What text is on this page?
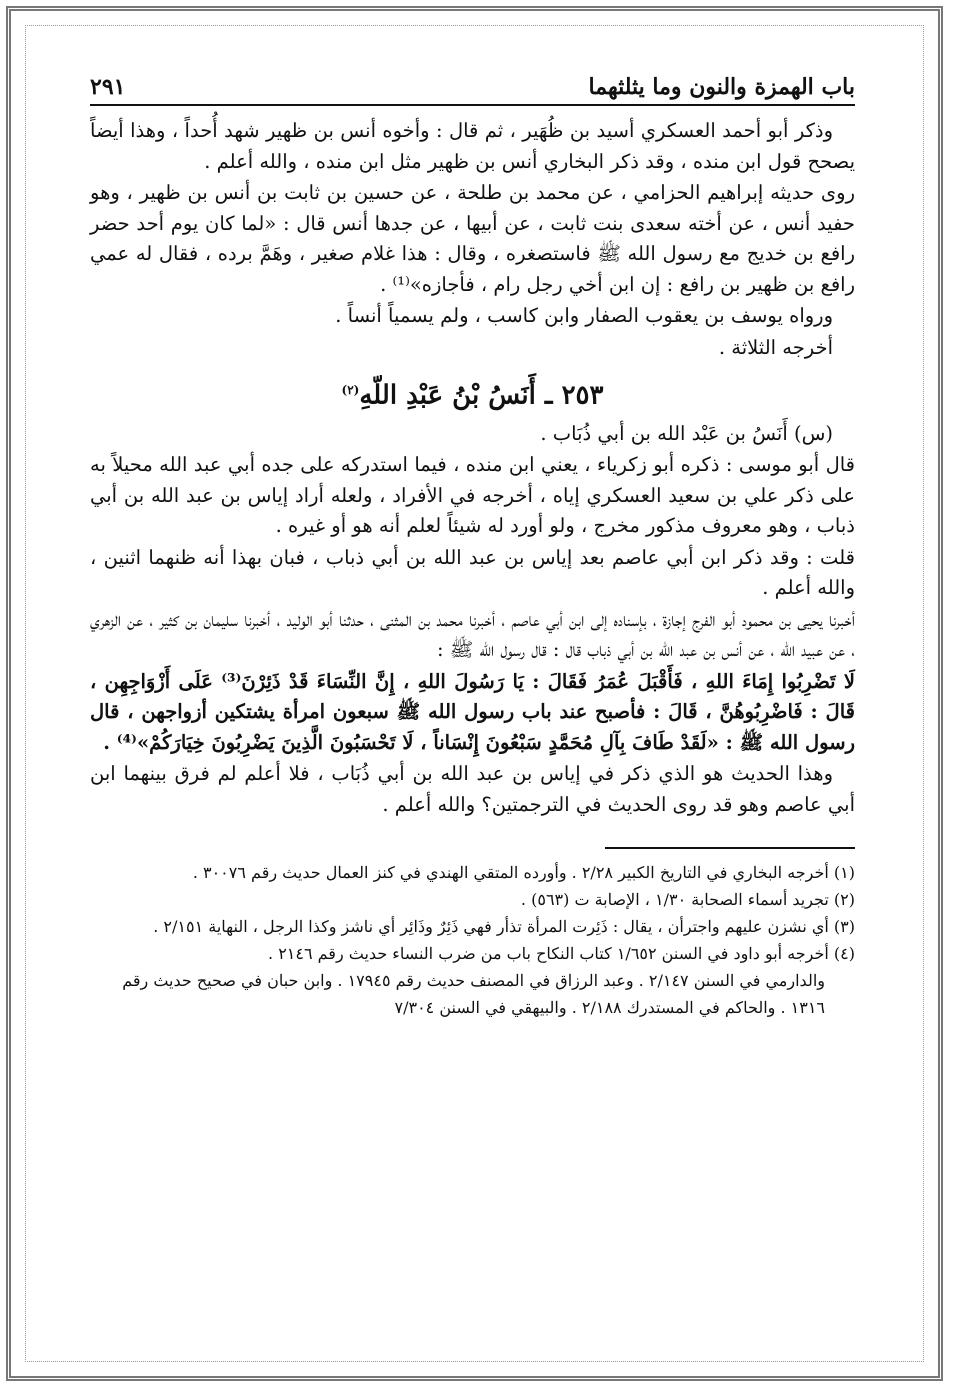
باب الهمزة والنون وما يثلثهما
٢٩١

وذكر أبو أحمد العسكري أسيد بن ظُهَير ، ثم قال : وأخوه أنس بن ظهير شهد أُحداً ، وهذا أيضاً يصحح قول ابن منده ، وقد ذكر البخاري أنس بن ظهير مثل ابن منده ، والله أعلم .

روى حديثه إبراهيم الحزامي ، عن محمد بن طلحة ، عن حسين بن ثابت بن أنس بن ظهير ، وهو حفيد أنس ، عن أخته سعدى بنت ثابت ، عن أبيها ، عن جدها أنس قال : «لما كان يوم أحد حضر رافع بن خديج مع رسول الله ﷺ فاستصغره ، وقال : هذا غلام صغير ، وهَمَّ برده ، فقال له عمي رافع بن ظهير بن رافع : إن ابن أخي رجل رام ، فأجازه»⁽¹⁾ .

ورواه يوسف بن يعقوب الصفار وابن كاسب ، ولم يسمياً أنساً .

أخرجه الثلاثة .

٢٥٣ ـ أَنَسُ بْنُ عَبْدِ اللّهِ$^{(٢)}$

(س) أَنَسُ بن عَبْد الله بن أبي ذُبَاب .

قال أبو موسى : ذكره أبو زكرياء ، يعني ابن منده ، فيما استدركه على جده أبي عبد الله محيلاً به على ذكر علي بن سعيد العسكري إياه ، أخرجه في الأفراد ، ولعله أراد إياس بن عبد الله بن أبي ذباب ، وهو معروف مذكور مخرج ، ولو أورد له شيئاً لعلم أنه هو أو غيره .

قلت : وقد ذكر ابن أبي عاصم بعد إياس بن عبد الله بن أبي ذباب ، فبان بهذا أنه ظنهما اثنين ، والله أعلم .

أخبرنا يحيى بن محمود أبو الفرج إجازة ، بإسناده إلى ابن أبي عاصم ، أخبرنا محمد بن المثنى ، حدثنا أبو الوليد ، أخبرنا سليمان بن كثير ، عن الزهري ، عن عبيد الله ، عن أنس بن عبد الله بن أبي ذباب قال : قال رسول الله ﷺ :

لَا تَضْرِبُوا إِمَاءَ اللهِ ، فَأَقْبَلَ عُمَرُ فَقَالَ : يَا رَسُولَ اللهِ ، إِنَّ النِّسَاءَ قَدْ ذَئِرْنَ⁽³⁾ عَلَى أَزْوَاجِهِن ، قَالَ : فَاضْرِبُوهُنَّ ، قَالَ : فأصبح عند باب رسول الله ﷺ سبعون امرأة يشتكين أزواجهن ، قال رسول الله ﷺ : «لَقَدْ طَافَ بِآلِ مُحَمَّدٍ سَبْعُونَ إِنْسَاناً ، لَا تَحْسَبُونَ الَّذِينَ يَضْرِبُونَ خِيَارَكُمْ»⁽⁴⁾ .

وهذا الحديث هو الذي ذكر في إياس بن عبد الله بن أبي ذُبَاب ، فلا أعلم لم فرق بينهما ابن أبي عاصم وهو قد روى الحديث في الترجمتين؟ والله أعلم .

(١) أخرجه البخاري في التاريخ الكبير ٢/٢٨ . وأورده المتقي الهندي في كنز العمال حديث رقم ٣٠٠٧٦ .

(٢) تجريد أسماء الصحابة ١/٣٠ ، الإصابة ت (٥٦٣) .

(٣) أي نشزن عليهم واجترأن ، يقال : ذَئِرت المرأة تذأر فهي ذَئِرٌ وذَائِر أي ناشز وكذا الرجل ، النهاية ٢/١٥١ .

(٤) أخرجه أبو داود في السنن ١/٦٥٢ كتاب النكاح باب من ضرب النساء حديث رقم ٢١٤٦ .

والدارمي في السنن ٢/١٤٧ . وعبد الرزاق في المصنف حديث رقم ١٧٩٤٥ . وابن حبان في صحيح حديث رقم ١٣١٦ . والحاكم في المستدرك ٢/١٨٨ . والبيهقي في السنن ٧/٣٠٤
